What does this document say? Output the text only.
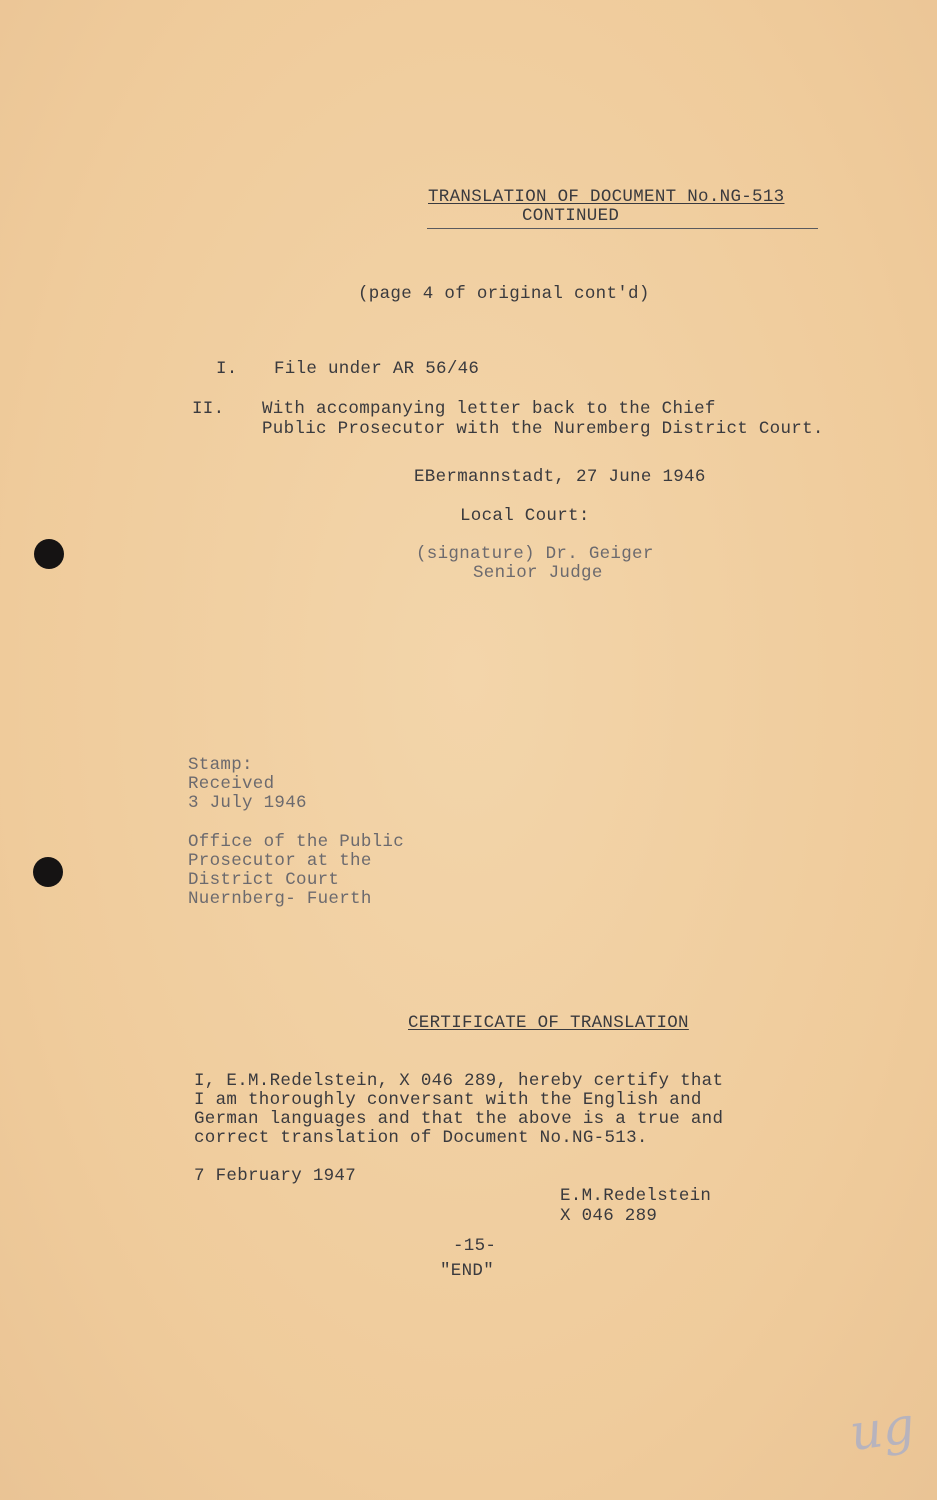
TRANSLATION OF DOCUMENT No.NG-513
CONTINUED
(page 4 of original cont'd)
I. File under AR 56/46
II. With accompanying letter back to the Chief
Public Prosecutor with the Nuremberg District Court.
EBermannstadt, 27 June 1946
Local Court:
(signature) Dr. Geiger
Senior Judge
Stamp:
Received
3 July 1946
Office of the Public
Prosecutor at the
District Court
Nuernberg- Fuerth
CERTIFICATE OF TRANSLATION
I, E.M.Redelstein, X 046 289, hereby certify that
I am thoroughly conversant with the English and
German languages and that the above is a true and
correct translation of Document No.NG-513.
7 February 1947
E.M.Redelstein
X 046 289
-15-
"END"
ug
